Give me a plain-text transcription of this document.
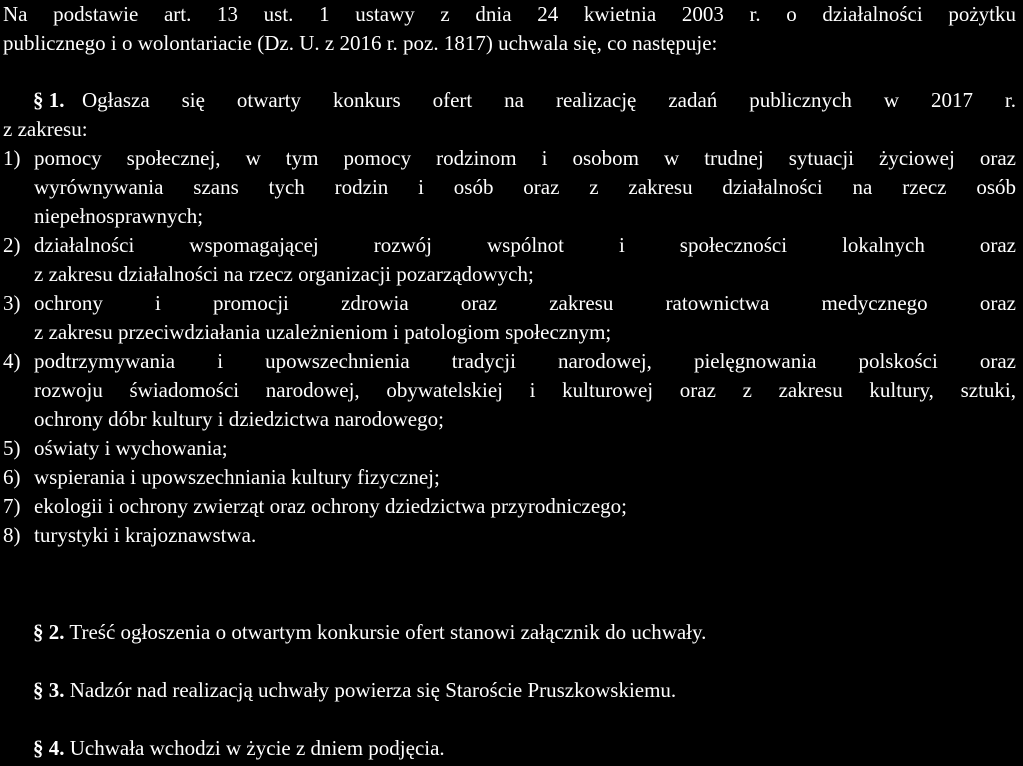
Na podstawie art. 13 ust. 1 ustawy z dnia 24 kwietnia 2003 r. o działalności pożytku
publicznego i o wolontariacie (Dz. U. z 2016 r. poz. 1817) uchwala się, co następuje:
§ 1. Ogłasza się otwarty konkurs ofert na realizację zadań publicznych w 2017 r.
z zakresu:
1) pomocy społecznej, w tym pomocy rodzinom i osobom w trudnej sytuacji życiowej oraz
wyrównywania szans tych rodzin i osób oraz z zakresu działalności na rzecz osób
niepełnosprawnych;
2) działalności wspomagającej rozwój wspólnot i społeczności lokalnych oraz
z zakresu działalności na rzecz organizacji pozarządowych;
3) ochrony i promocji zdrowia oraz zakresu ratownictwa medycznego oraz
z zakresu przeciwdziałania uzależnieniom i patologiom społecznym;
4) podtrzymywania i upowszechnienia tradycji narodowej, pielęgnowania polskości oraz
rozwoju świadomości narodowej, obywatelskiej i kulturowej oraz z zakresu kultury, sztuki,
ochrony dóbr kultury i dziedzictwa narodowego;
5) oświaty i wychowania;
6) wspierania i upowszechniania kultury fizycznej;
7) ekologii i ochrony zwierząt oraz ochrony dziedzictwa przyrodniczego;
8) turystyki i krajoznawstwa.
§ 2. Treść ogłoszenia o otwartym konkursie ofert stanowi załącznik do uchwały.
§ 3. Nadzór nad realizacją uchwały powierza się Staroście Pruszkowskiemu.
§ 4. Uchwała wchodzi w życie z dniem podjęcia.
